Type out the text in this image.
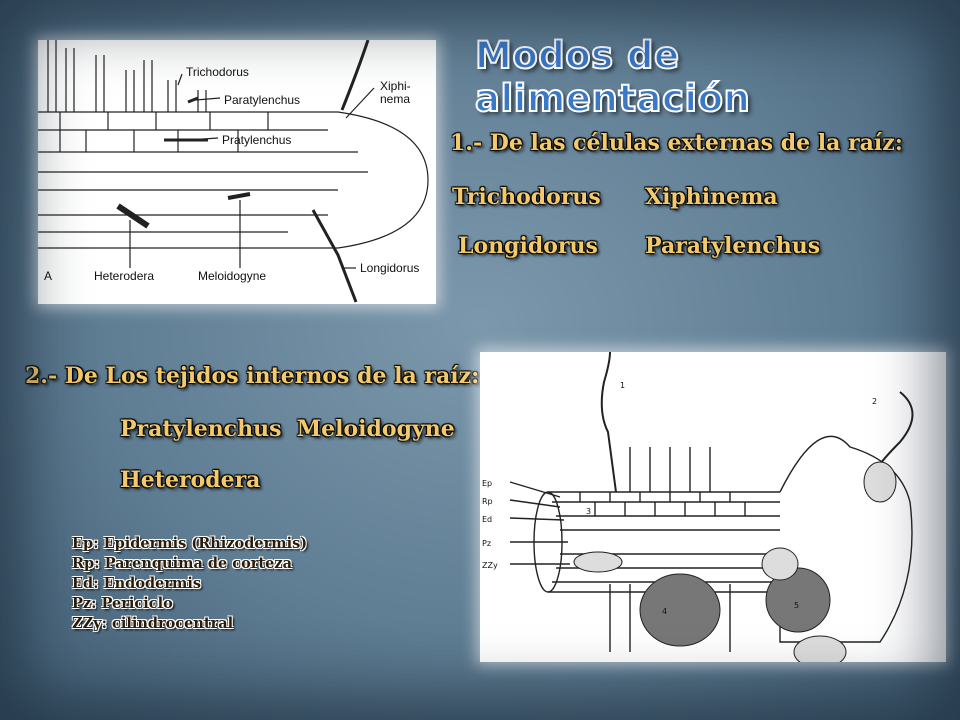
Modos de alimentación
1.- De las células externas de la raíz:
Trichodorus Xiphinema
Longidorus Paratylenchus
2.- De Los tejidos internos de la raíz:
Pratylenchus  Meloidogyne
Heterodera
Ep: Epidermis (Rhizodermis)
Rp: Parenquima de corteza
Ed: Endodermis
Pz: Periciclo
ZZy: cilindrocentral
Trichodorus
Paratylenchus
Pratylenchus
Xiphi-
nema
A	Heterodera	Meloidogyne
Longidorus
Ep
Rp
Ed
Pz
ZZy
1
2
3
4
5
